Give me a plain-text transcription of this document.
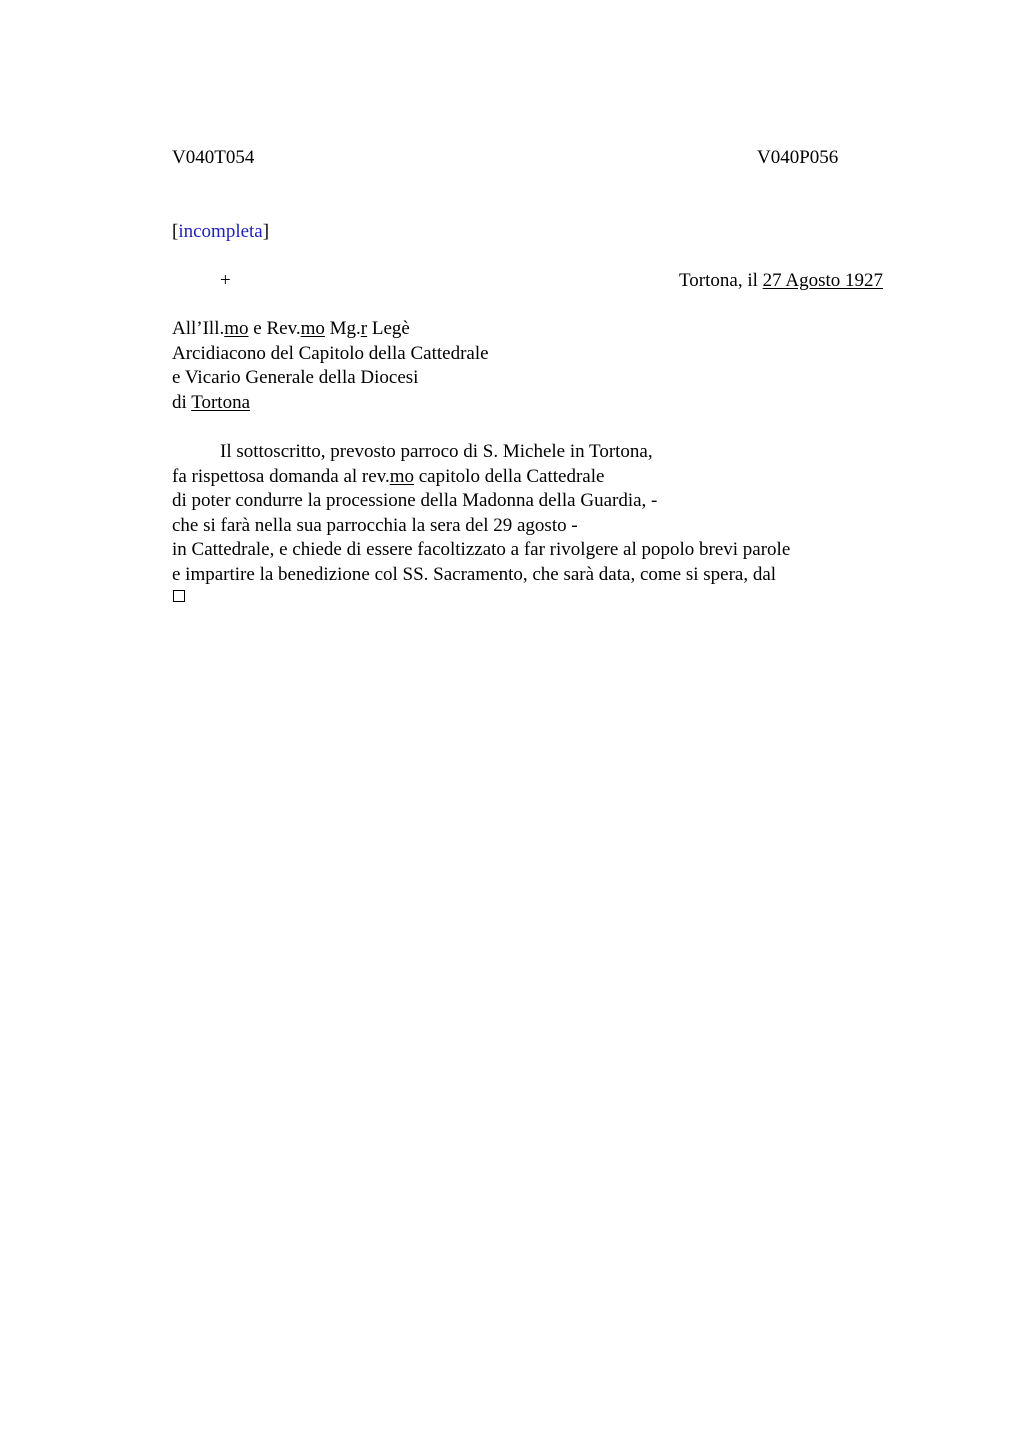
V040T054	V040P056
[incompleta]
+	Tortona, il 27 Agosto 1927
All’Ill.mo e Rev.mo Mg.r Legè
Arcidiacono del Capitolo della Cattedrale
e Vicario Generale della Diocesi
di Tortona
Il sottoscritto, prevosto parroco di S. Michele in Tortona,
fa rispettosa domanda al rev.mo capitolo della Cattedrale
di poter condurre la processione della Madonna della Guardia, -
che si farà nella sua parrocchia la sera del 29 agosto -
in Cattedrale, e chiede di essere facoltizzato a far rivolgere al popolo brevi parole
e impartire la benedizione col SS. Sacramento, che sarà data, come si spera, dal
